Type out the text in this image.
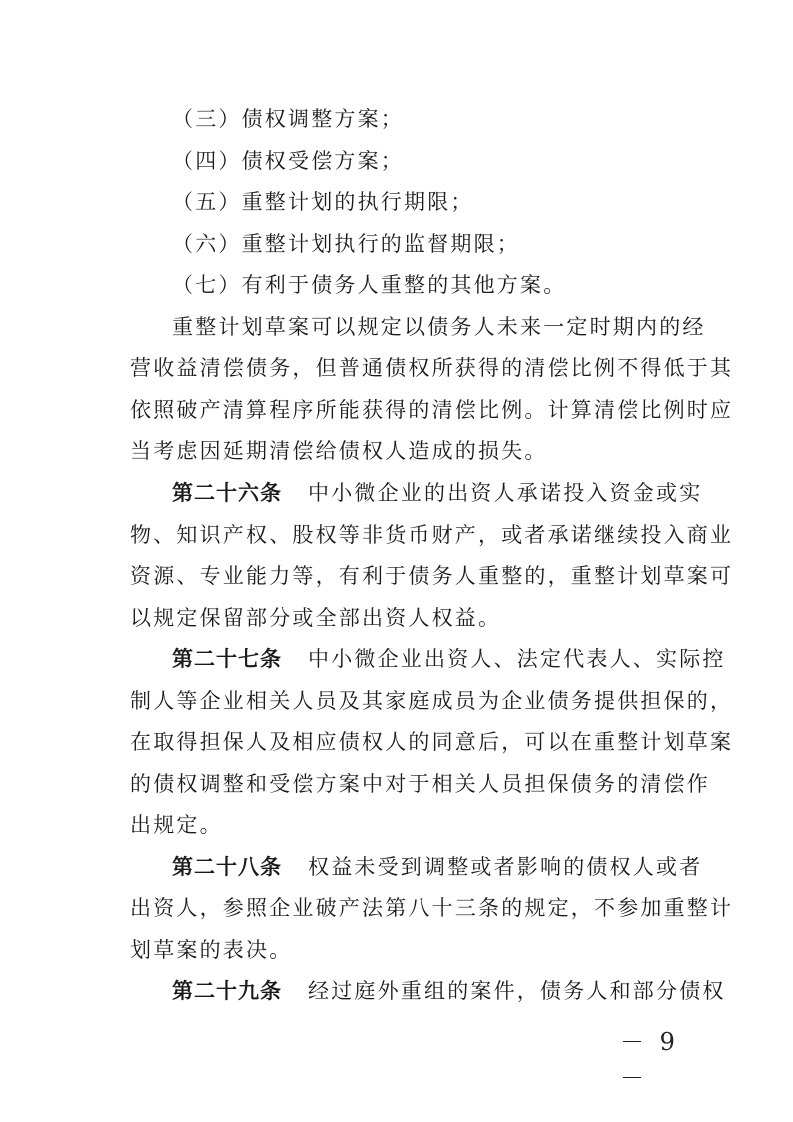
（三）债权调整方案；
（四）债权受偿方案；
（五）重整计划的执行期限；
（六）重整计划执行的监督期限；
（七）有利于债务人重整的其他方案。
重整计划草案可以规定以债务人未来一定时期内的经
营收益清偿债务，但普通债权所获得的清偿比例不得低于其
依照破产清算程序所能获得的清偿比例。计算清偿比例时应
当考虑因延期清偿给债权人造成的损失。
第二十六条 中小微企业的出资人承诺投入资金或实
物、知识产权、股权等非货币财产，或者承诺继续投入商业
资源、专业能力等，有利于债务人重整的，重整计划草案可
以规定保留部分或全部出资人权益。
第二十七条 中小微企业出资人、法定代表人、实际控
制人等企业相关人员及其家庭成员为企业债务提供担保的，
在取得担保人及相应债权人的同意后，可以在重整计划草案
的债权调整和受偿方案中对于相关人员担保债务的清偿作
出规定。
第二十八条 权益未受到调整或者影响的债权人或者
出资人，参照企业破产法第八十三条的规定，不参加重整计
划草案的表决。
第二十九条 经过庭外重组的案件，债务人和部分债权
－ 9 －
